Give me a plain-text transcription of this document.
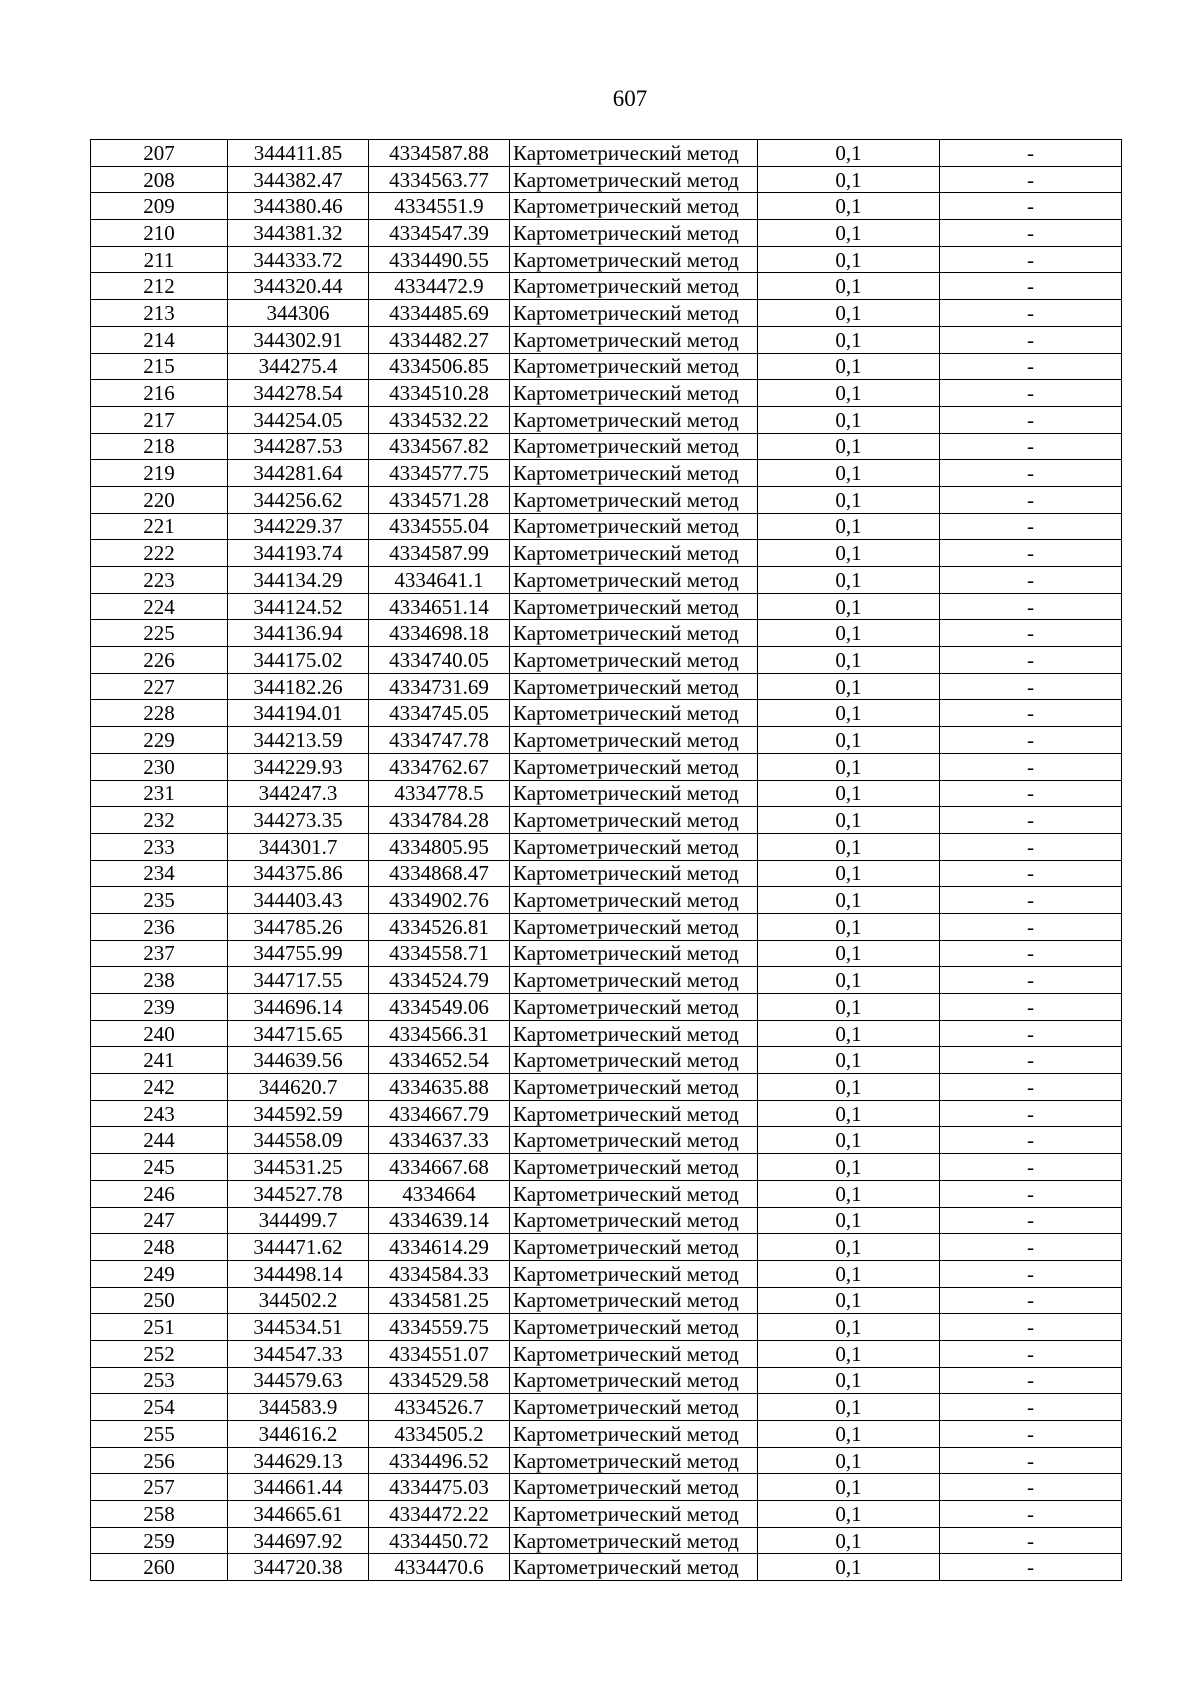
607
207	344411.85	4334587.88	Картометрический метод	0,1	-
208	344382.47	4334563.77	Картометрический метод	0,1	-
209	344380.46	4334551.9	Картометрический метод	0,1	-
210	344381.32	4334547.39	Картометрический метод	0,1	-
211	344333.72	4334490.55	Картометрический метод	0,1	-
212	344320.44	4334472.9	Картометрический метод	0,1	-
213	344306	4334485.69	Картометрический метод	0,1	-
214	344302.91	4334482.27	Картометрический метод	0,1	-
215	344275.4	4334506.85	Картометрический метод	0,1	-
216	344278.54	4334510.28	Картометрический метод	0,1	-
217	344254.05	4334532.22	Картометрический метод	0,1	-
218	344287.53	4334567.82	Картометрический метод	0,1	-
219	344281.64	4334577.75	Картометрический метод	0,1	-
220	344256.62	4334571.28	Картометрический метод	0,1	-
221	344229.37	4334555.04	Картометрический метод	0,1	-
222	344193.74	4334587.99	Картометрический метод	0,1	-
223	344134.29	4334641.1	Картометрический метод	0,1	-
224	344124.52	4334651.14	Картометрический метод	0,1	-
225	344136.94	4334698.18	Картометрический метод	0,1	-
226	344175.02	4334740.05	Картометрический метод	0,1	-
227	344182.26	4334731.69	Картометрический метод	0,1	-
228	344194.01	4334745.05	Картометрический метод	0,1	-
229	344213.59	4334747.78	Картометрический метод	0,1	-
230	344229.93	4334762.67	Картометрический метод	0,1	-
231	344247.3	4334778.5	Картометрический метод	0,1	-
232	344273.35	4334784.28	Картометрический метод	0,1	-
233	344301.7	4334805.95	Картометрический метод	0,1	-
234	344375.86	4334868.47	Картометрический метод	0,1	-
235	344403.43	4334902.76	Картометрический метод	0,1	-
236	344785.26	4334526.81	Картометрический метод	0,1	-
237	344755.99	4334558.71	Картометрический метод	0,1	-
238	344717.55	4334524.79	Картометрический метод	0,1	-
239	344696.14	4334549.06	Картометрический метод	0,1	-
240	344715.65	4334566.31	Картометрический метод	0,1	-
241	344639.56	4334652.54	Картометрический метод	0,1	-
242	344620.7	4334635.88	Картометрический метод	0,1	-
243	344592.59	4334667.79	Картометрический метод	0,1	-
244	344558.09	4334637.33	Картометрический метод	0,1	-
245	344531.25	4334667.68	Картометрический метод	0,1	-
246	344527.78	4334664	Картометрический метод	0,1	-
247	344499.7	4334639.14	Картометрический метод	0,1	-
248	344471.62	4334614.29	Картометрический метод	0,1	-
249	344498.14	4334584.33	Картометрический метод	0,1	-
250	344502.2	4334581.25	Картометрический метод	0,1	-
251	344534.51	4334559.75	Картометрический метод	0,1	-
252	344547.33	4334551.07	Картометрический метод	0,1	-
253	344579.63	4334529.58	Картометрический метод	0,1	-
254	344583.9	4334526.7	Картометрический метод	0,1	-
255	344616.2	4334505.2	Картометрический метод	0,1	-
256	344629.13	4334496.52	Картометрический метод	0,1	-
257	344661.44	4334475.03	Картометрический метод	0,1	-
258	344665.61	4334472.22	Картометрический метод	0,1	-
259	344697.92	4334450.72	Картометрический метод	0,1	-
260	344720.38	4334470.6	Картометрический метод	0,1	-
